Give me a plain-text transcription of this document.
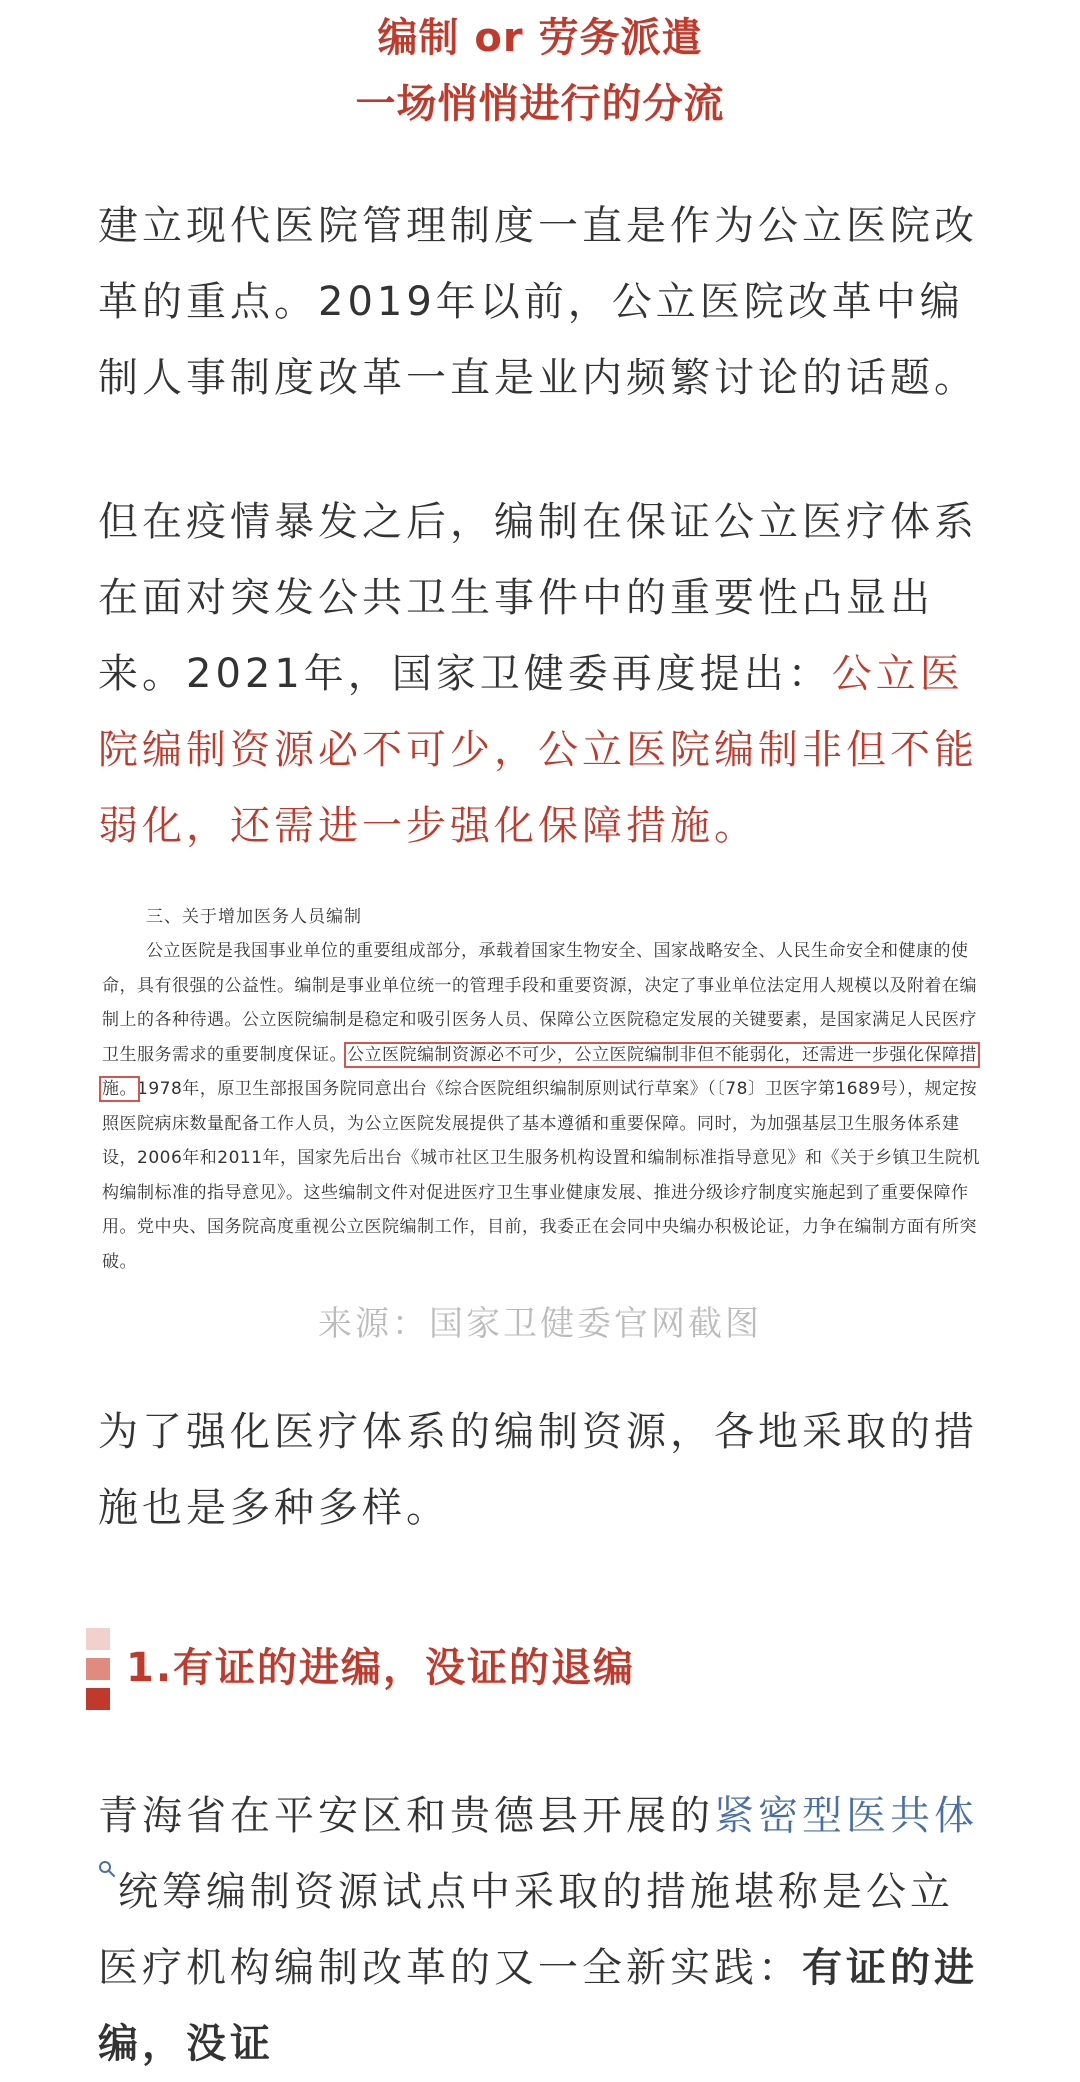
编制 or 劳务派遣
一场悄悄进行的分流

建立现代医院管理制度一直是作为公立医院改革的重点。2019年以前，公立医院改革中编制人事制度改革一直是业内频繁讨论的话题。

但在疫情暴发之后，编制在保证公立医疗体系在面对突发公共卫生事件中的重要性凸显出来。2021年，国家卫健委再度提出：公立医院编制资源必不可少，公立医院编制非但不能弱化，还需进一步强化保障措施。

三、关于增加医务人员编制

公立医院是我国事业单位的重要组成部分，承载着国家生物安全、国家战略安全、人民生命安全和健康的使命，具有很强的公益性。编制是事业单位统一的管理手段和重要资源，决定了事业单位法定用人规模以及附着在编制上的各种待遇。公立医院编制是稳定和吸引医务人员、保障公立医院稳定发展的关键要素，是国家满足人民医疗卫生服务需求的重要制度保证。公立医院编制资源必不可少，公立医院编制非但不能弱化，还需进一步强化保障措施。1978年，原卫生部报国务院同意出台《综合医院组织编制原则试行草案》（〔78〕卫医字第1689号），规定按照医院病床数量配备工作人员，为公立医院发展提供了基本遵循和重要保障。同时，为加强基层卫生服务体系建设，2006年和2011年，国家先后出台《城市社区卫生服务机构设置和编制标准指导意见》和《关于乡镇卫生院机构编制标准的指导意见》。这些编制文件对促进医疗卫生事业健康发展、推进分级诊疗制度实施起到了重要保障作用。党中央、国务院高度重视公立医院编制工作，目前，我委正在会同中央编办积极论证，力争在编制方面有所突破。

来源：国家卫健委官网截图

为了强化医疗体系的编制资源，各地采取的措施也是多种多样。

1.有证的进编，没证的退编

青海省在平安区和贵德县开展的紧密型医共体
统筹编制资源试点中采取的措施堪称是公立医疗机构编制改革的又一全新实践：有证的进编，没证
